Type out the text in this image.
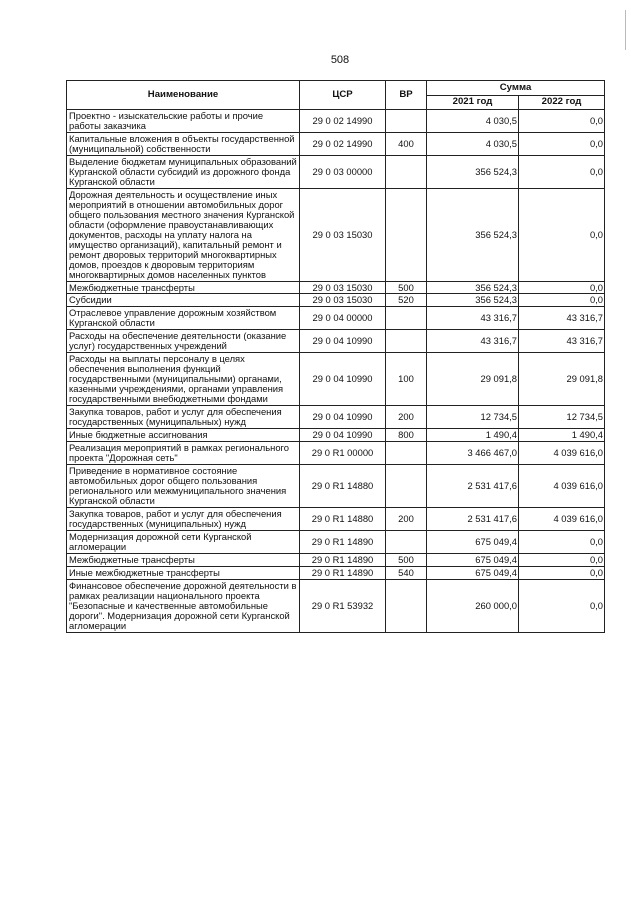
508
Наименование	ЦСР	ВР	Сумма	
			2021 год	2022 год
Проектно - изыскательские работы и прочие работы заказчика	29 0 02 14990		4 030,5	0,0
Капитальные вложения в объекты государственной (муниципальной) собственности	29 0 02 14990	400	4 030,5	0,0
Выделение бюджетам муниципальных образований Курганской области субсидий из дорожного фонда Курганской области	29 0 03 00000		356 524,3	0,0
Дорожная деятельность и осуществление иных мероприятий в отношении автомобильных дорог общего пользования местного значения Курганской области (оформление правоустанавливающих документов, расходы на уплату налога на имущество организаций), капитальный ремонт и ремонт дворовых территорий многоквартирных домов, проездов к дворовым территориям многоквартирных домов населенных пунктов	29 0 03 15030		356 524,3	0,0
Межбюджетные трансферты	29 0 03 15030	500	356 524,3	0,0
Субсидии	29 0 03 15030	520	356 524,3	0,0
Отраслевое управление дорожным хозяйством Курганской области	29 0 04 00000		43 316,7	43 316,7
Расходы на обеспечение деятельности (оказание услуг) государственных учреждений	29 0 04 10990		43 316,7	43 316,7
Расходы на выплаты персоналу в целях обеспечения выполнения функций государственными (муниципальными) органами, казенными учреждениями, органами управления государственными внебюджетными фондами	29 0 04 10990	100	29 091,8	29 091,8
Закупка товаров, работ и услуг для обеспечения государственных (муниципальных) нужд	29 0 04 10990	200	12 734,5	12 734,5
Иные бюджетные ассигнования	29 0 04 10990	800	1 490,4	1 490,4
Реализация мероприятий в рамках регионального проекта "Дорожная сеть"	29 0 R1 00000		3 466 467,0	4 039 616,0
Приведение в нормативное состояние автомобильных дорог общего пользования регионального или межмуниципального значения Курганской области	29 0 R1 14880		2 531 417,6	4 039 616,0
Закупка товаров, работ и услуг для обеспечения государственных (муниципальных) нужд	29 0 R1 14880	200	2 531 417,6	4 039 616,0
Модернизация дорожной сети Курганской агломерации	29 0 R1 14890		675 049,4	0,0
Межбюджетные трансферты	29 0 R1 14890	500	675 049,4	0,0
Иные межбюджетные трансферты	29 0 R1 14890	540	675 049,4	0,0
Финансовое обеспечение дорожной деятельности в рамках реализации национального проекта "Безопасные и качественные автомобильные дороги". Модернизация дорожной сети Курганской агломерации	29 0 R1 53932		260 000,0	0,0
